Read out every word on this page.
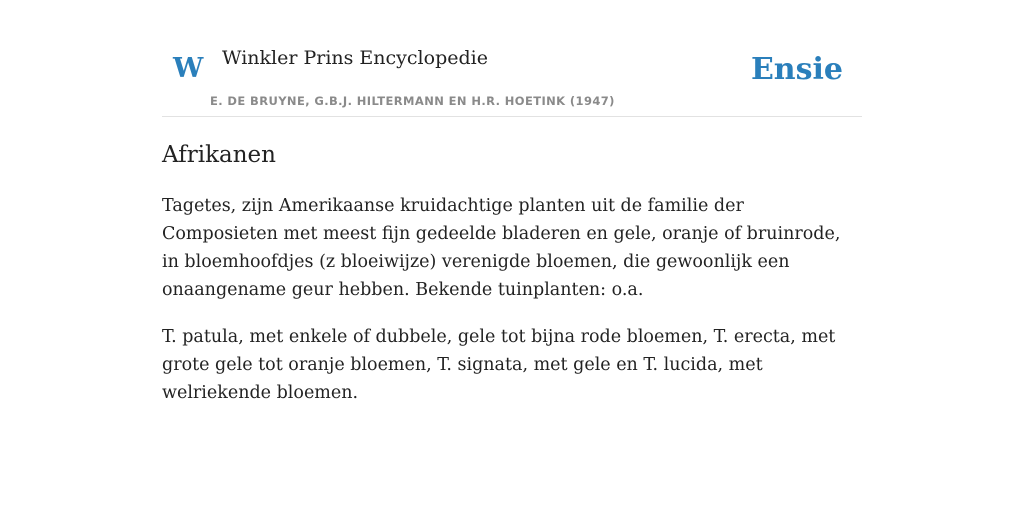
W Winkler Prins Encyclopedie
E. DE BRUYNE, G.B.J. HILTERMANN EN H.R. HOETINK (1947)
Ensie
Afrikanen

Tagetes, zijn Amerikaanse kruidachtige planten uit de familie der Composieten met meest fijn gedeelde bladeren en gele, oranje of bruinrode, in bloemhoofdjes (z bloeiwijze) verenigde bloemen, die gewoonlijk een onaangename geur hebben. Bekende tuinplanten: o.a.

T. patula, met enkele of dubbele, gele tot bijna rode bloemen, T. erecta, met grote gele tot oranje bloemen, T. signata, met gele en T. lucida, met welriekende bloemen.
